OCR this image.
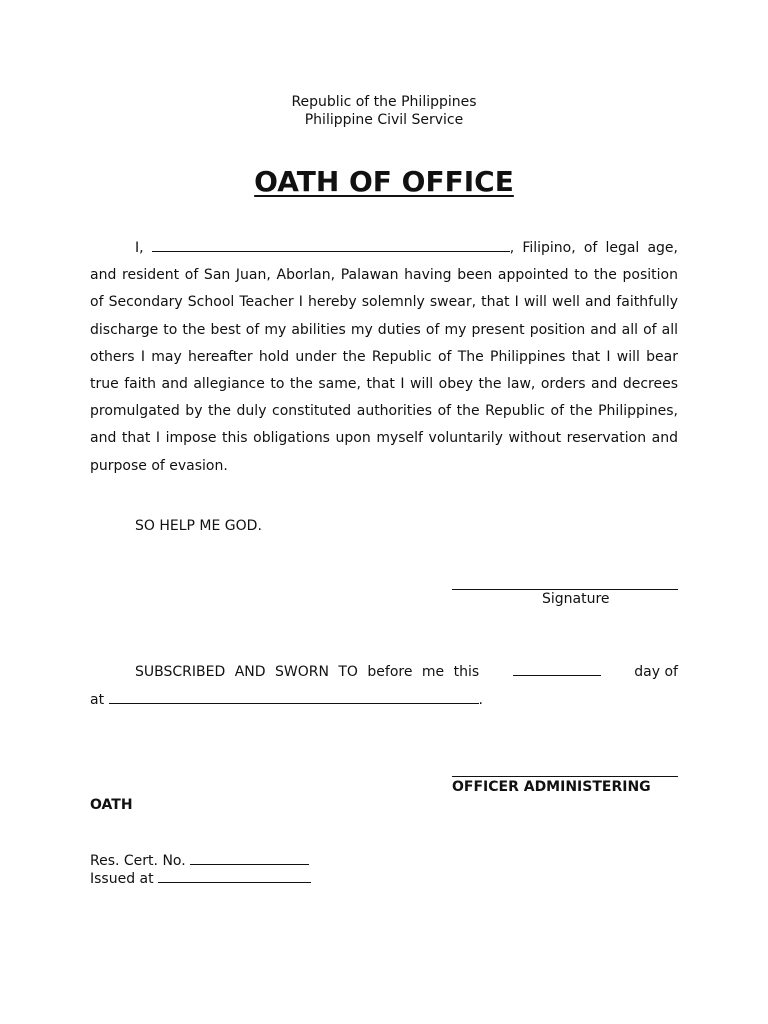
Republic of the Philippines
Philippine Civil Service
OATH OF OFFICE
I,	, Filipino, of legal age, and resident of San Juan, Aborlan, Palawan having been appointed to the position of Secondary School Teacher I hereby solemnly swear, that I will well and faithfully discharge to the best of my abilities my duties of my present position and all of all others I may hereafter hold under the Republic of The Philippines that I will bear true faith and allegiance to the same, that I will obey the law, orders and decrees promulgated by the duly constituted authorities of the Republic of the Philippines, and that I impose this obligations upon myself voluntarily without reservation and purpose of evasion.
SO HELP ME GOD.
Signature
SUBSCRIBED AND SWORN TO before me this	day of
at	.
OFFICER ADMINISTERING
OATH
Res. Cert. No.
Issued at
